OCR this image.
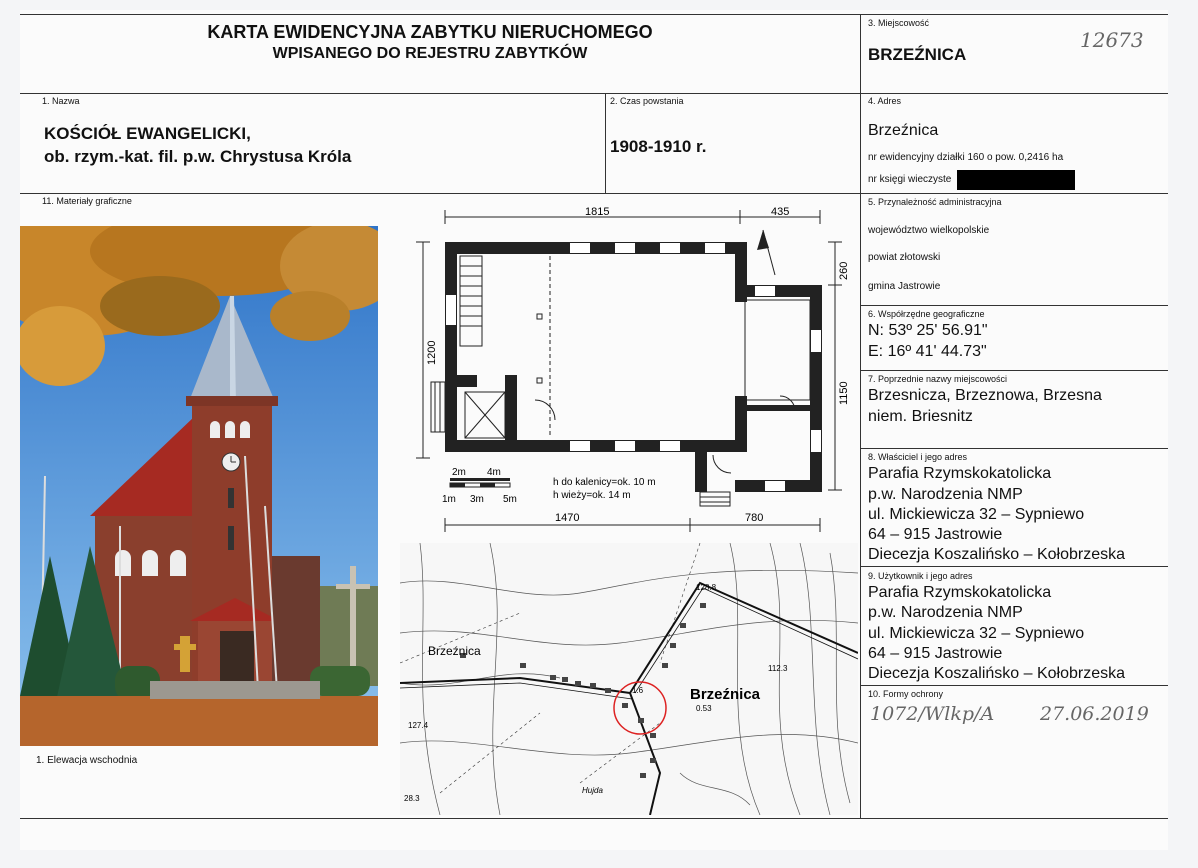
KARTA EWIDENCYJNA ZABYTKU NIERUCHOMEGO
WPISANEGO DO REJESTRU ZABYTKÓW
3. Miejscowość
BRZEŹNICA
12673
1. Nazwa
KOŚCIÓŁ EWANGELICKI,
ob. rzym.-kat. fil. p.w. Chrystusa Króla
2. Czas powstania
1908-1910 r.
4. Adres
Brzeźnica
nr ewidencyjny działki 160 o pow. 0,2416 ha
nr księgi wieczyste
5. Przynależność administracyjna
województwo wielkopolskie
powiat złotowski
gmina Jastrowie
6. Współrzędne geograficzne
N: 53º 25' 56.91"
E: 16º 41' 44.73"
7. Poprzednie nazwy miejscowości
Brzesnicza, Brzeznowa, Brzesna
niem. Briesnitz
8. Właściciel i jego adres
Parafia Rzymskokatolicka
p.w. Narodzenia NMP
ul. Mickiewicza 32 – Sypniewo
64 – 915 Jastrowie
Diecezja Koszalińsko – Kołobrzeska
9. Użytkownik i jego adres
Parafia Rzymskokatolicka
p.w. Narodzenia NMP
ul. Mickiewicza 32 – Sypniewo
64 – 915 Jastrowie
Diecezja Koszalińsko – Kołobrzeska
10. Formy ochrony
1072/Wlkp/A 27.06.2019
11. Materiały graficzne
1. Elewacja wschodnia
2m 4m
1m 3m 5m
h do kalenicy=ok. 10 m
h wieży=ok. 14 m
1815	435
1470	780
1200
260
1150
Brzeźnica
Brzeźnica
128.8
112.3
0.53
1.6
127.4
28.3
Hujda
